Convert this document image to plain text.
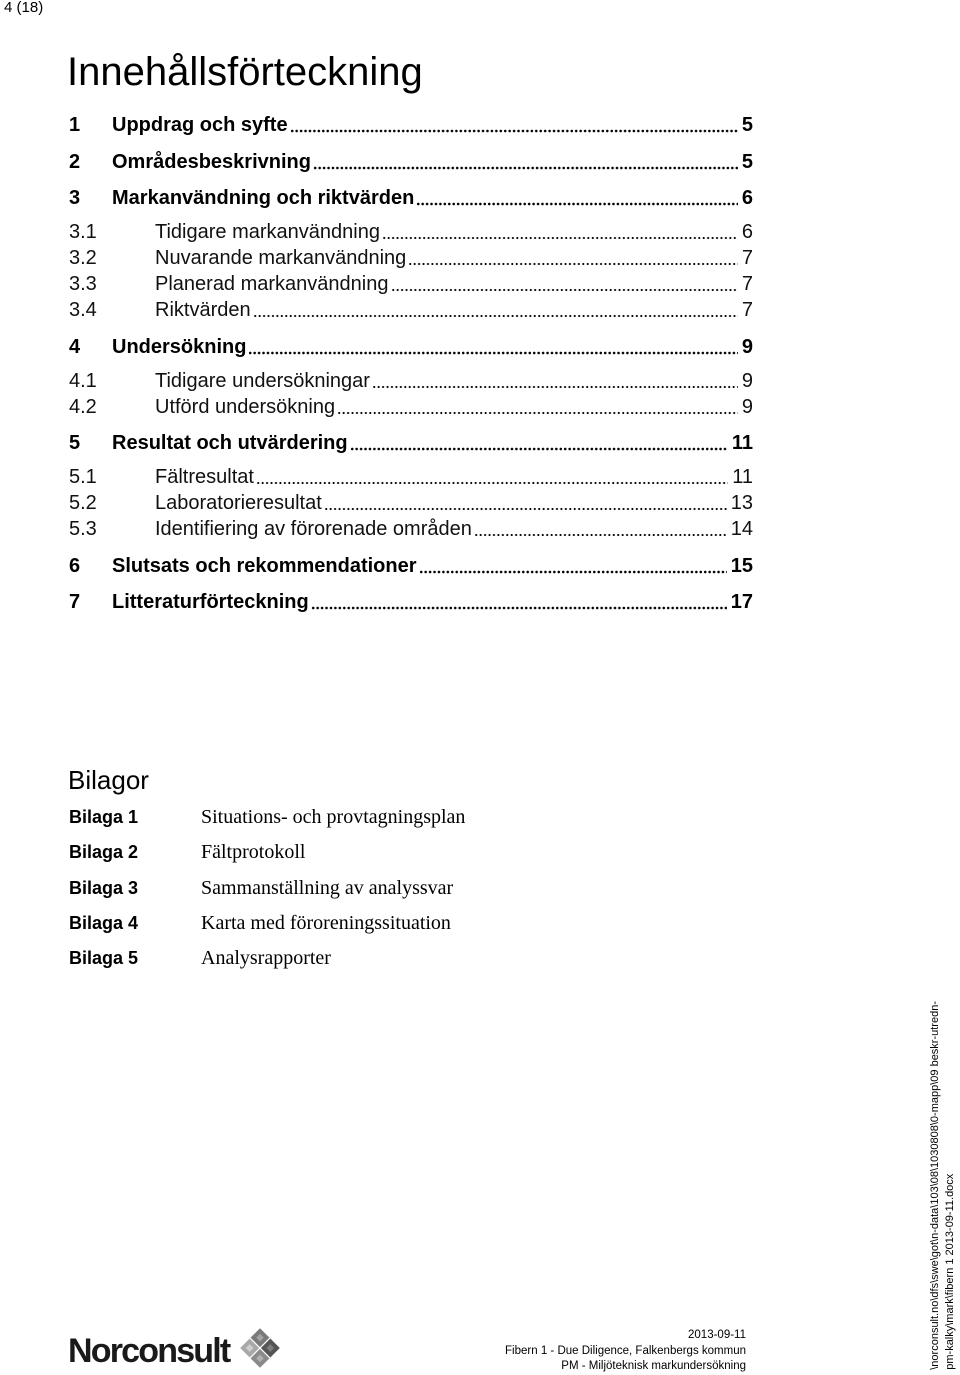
4 (18)
Innehållsförteckning
1	Uppdrag och syfte	5
2	Områdesbeskrivning	5
3	Markanvändning och riktvärden	6
3.1	Tidigare markanvändning	6
3.2	Nuvarande markanvändning	7
3.3	Planerad markanvändning	7
3.4	Riktvärden	7
4	Undersökning	9
4.1	Tidigare undersökningar	9
4.2	Utförd undersökning	9
5	Resultat och utvärdering	11
5.1	Fältresultat	11
5.2	Laboratorieresultat	13
5.3	Identifiering av förorenade områden	14
6	Slutsats och rekommendationer	15
7	Litteraturförteckning	17
Bilagor
Bilaga 1	Situations- och provtagningsplan
Bilaga 2	Fältprotokoll
Bilaga 3	Sammanställning av analyssvar
Bilaga 4	Karta med föroreningssituation
Bilaga 5	Analysrapporter
Norconsult	2013-09-11
Fibern 1 - Due Diligence, Falkenbergs kommun
PM - Miljöteknisk markundersökning	\norconsult.no\dfs\swe\got\n-data\103\08\1030808\0-mapp\09 beskr-utredn- pm-kalky\mark\fibern 1 2013-09-11.docx
